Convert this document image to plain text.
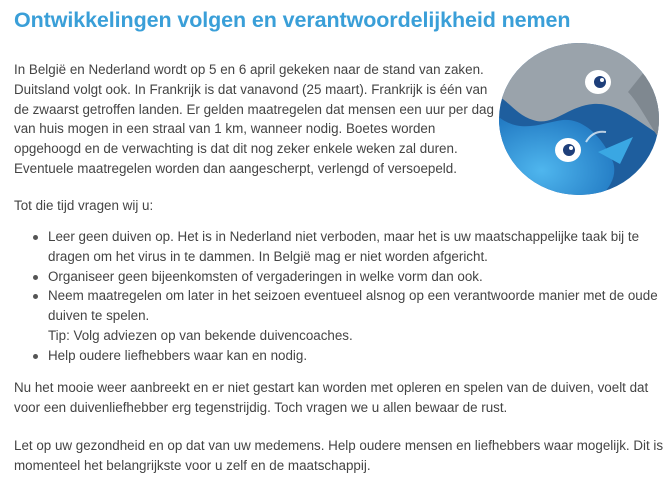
Ontwikkelingen volgen en verantwoordelijkheid nemen

In België en Nederland wordt op 5 en 6 april gekeken naar de stand van zaken. Duitsland volgt ook. In Frankrijk is dat vanavond (25 maart). Frankrijk is één van de zwaarst getroffen landen. Er gelden maatregelen dat mensen een uur per dag van huis mogen in een straal van 1 km, wanneer nodig. Boetes worden opgehoogd en de verwachting is dat dit nog zeker enkele weken zal duren. Eventuele maatregelen worden dan aangescherpt, verlengd of versoepeld.

Tot die tijd vragen wij u:

Leer geen duiven op. Het is in Nederland niet verboden, maar het is uw maatschappelijke taak bij te dragen om het virus in te dammen. In België mag er niet worden afgericht.
Organiseer geen bijeenkomsten of vergaderingen in welke vorm dan ook.
Neem maatregelen om later in het seizoen eventueel alsnog op een verantwoorde manier met de oude duiven te spelen.
Tip: Volg adviezen op van bekende duivencoaches.
Help oudere liefhebbers waar kan en nodig.

Nu het mooie weer aanbreekt en er niet gestart kan worden met opleren en spelen van de duiven, voelt dat voor een duivenliefhebber erg tegenstrijdig. Toch vragen we u allen bewaar de rust.

Let op uw gezondheid en op dat van uw medemens. Help oudere mensen en liefhebbers waar mogelijk. Dit is momenteel het belangrijkste voor u zelf en de maatschappij.
